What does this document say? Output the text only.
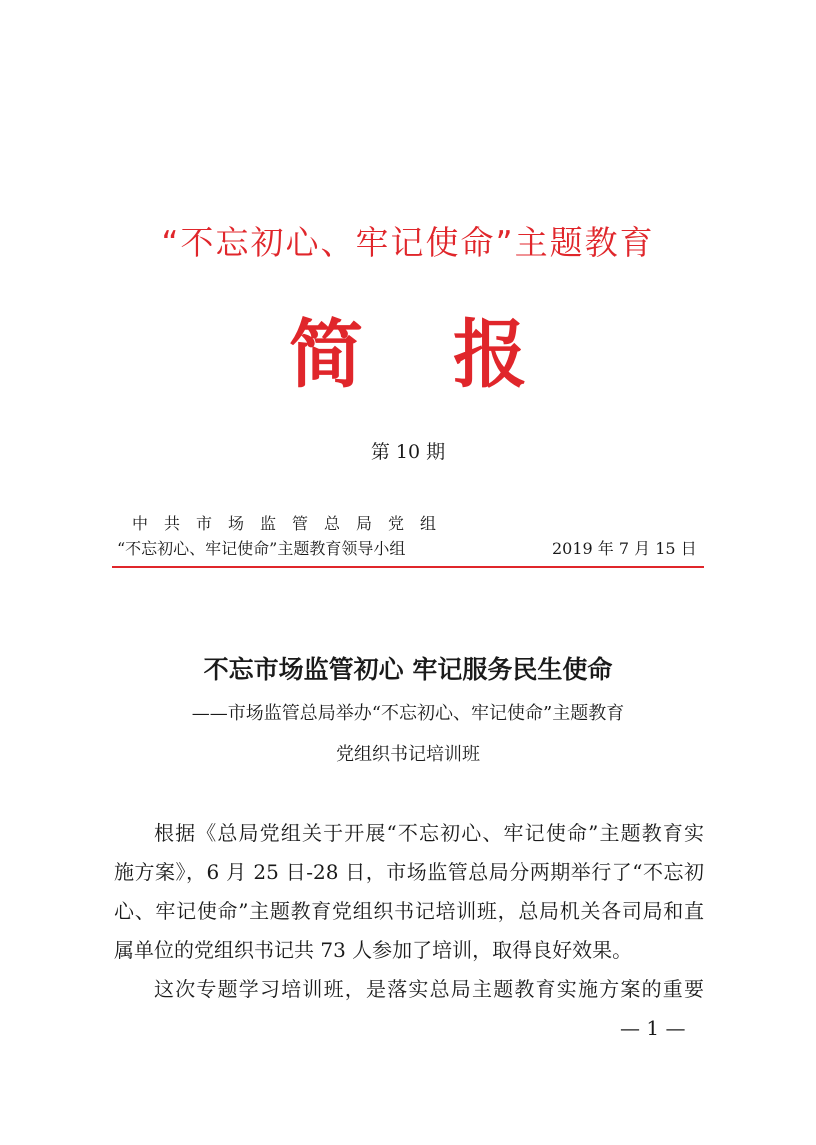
“不忘初心、牢记使命”主题教育
简报
第 10 期
中共市场监管总局党组
“不忘初心、牢记使命”主题教育领导小组	2019 年 7 月 15 日
不忘市场监管初心 牢记服务民生使命
——市场监管总局举办“不忘初心、牢记使命”主题教育
党组织书记培训班
根据《总局党组关于开展“不忘初心、牢记使命”主题教育实
施方案》，6 月 25 日-28 日，市场监管总局分两期举行了“不忘初
心、牢记使命”主题教育党组织书记培训班，总局机关各司局和直
属单位的党组织书记共 73 人参加了培训，取得良好效果。
这次专题学习培训班，是落实总局主题教育实施方案的重要
— 1 —
